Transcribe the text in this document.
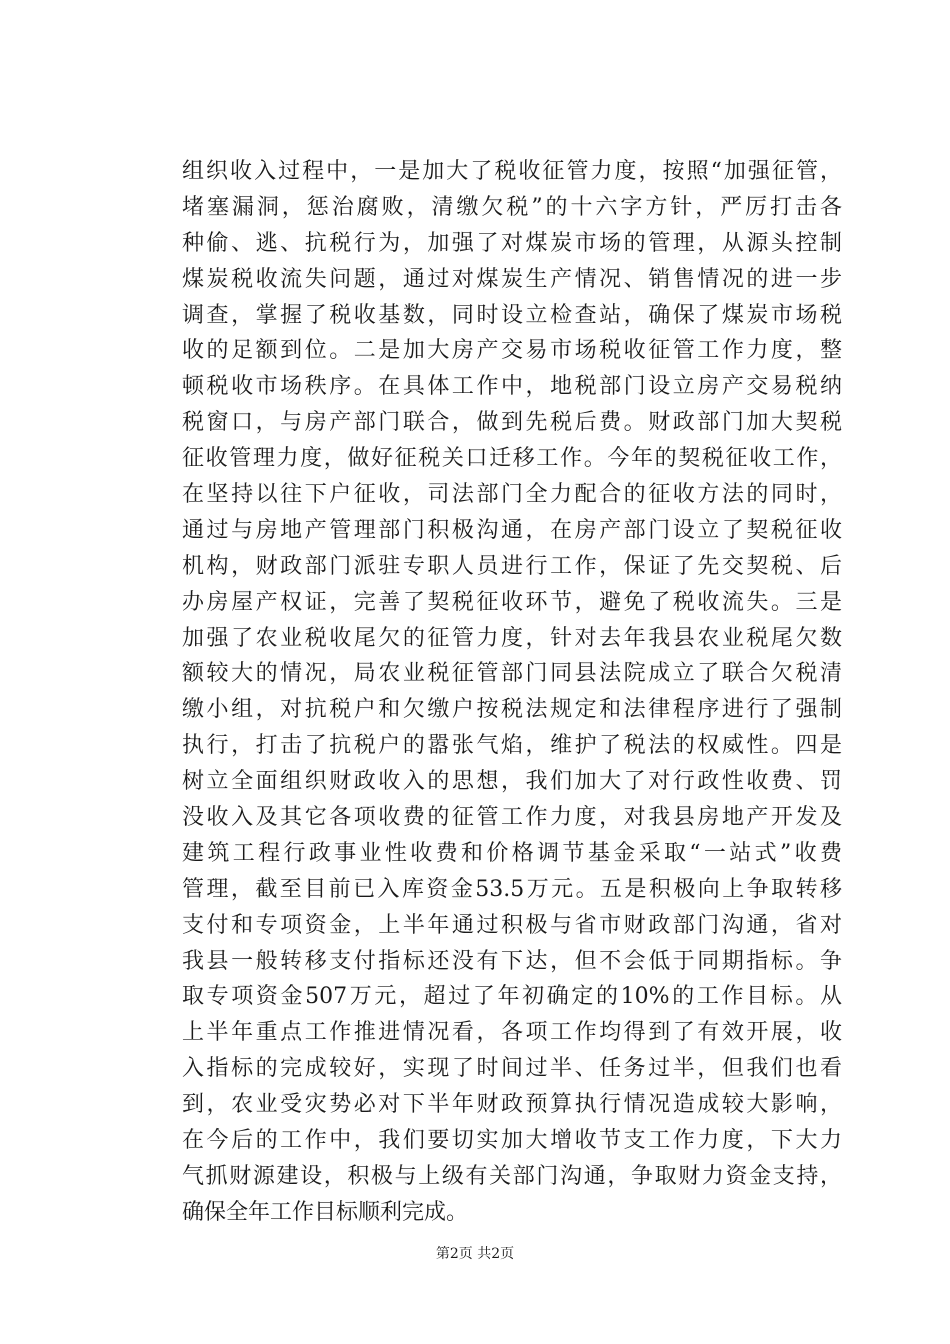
组织收入过程中，一是加大了税收征管力度，按照“加强征管，
堵塞漏洞，惩治腐败，清缴欠税”的十六字方针，严厉打击各
种偷、逃、抗税行为，加强了对煤炭市场的管理，从源头控制
煤炭税收流失问题，通过对煤炭生产情况、销售情况的进一步
调查，掌握了税收基数，同时设立检查站，确保了煤炭市场税
收的足额到位。二是加大房产交易市场税收征管工作力度，整
顿税收市场秩序。在具体工作中，地税部门设立房产交易税纳
税窗口，与房产部门联合，做到先税后费。财政部门加大契税
征收管理力度，做好征税关口迁移工作。今年的契税征收工作，
在坚持以往下户征收，司法部门全力配合的征收方法的同时，
通过与房地产管理部门积极沟通，在房产部门设立了契税征收
机构，财政部门派驻专职人员进行工作，保证了先交契税、后
办房屋产权证，完善了契税征收环节，避免了税收流失。三是
加强了农业税收尾欠的征管力度，针对去年我县农业税尾欠数
额较大的情况，局农业税征管部门同县法院成立了联合欠税清
缴小组，对抗税户和欠缴户按税法规定和法律程序进行了强制
执行，打击了抗税户的嚣张气焰，维护了税法的权威性。四是
树立全面组织财政收入的思想，我们加大了对行政性收费、罚
没收入及其它各项收费的征管工作力度，对我县房地产开发及
建筑工程行政事业性收费和价格调节基金采取“一站式”收费
管理，截至目前已入库资金53.5万元。五是积极向上争取转移
支付和专项资金，上半年通过积极与省市财政部门沟通，省对
我县一般转移支付指标还没有下达，但不会低于同期指标。争
取专项资金507万元，超过了年初确定的10%的工作目标。从
上半年重点工作推进情况看，各项工作均得到了有效开展，收
入指标的完成较好，实现了时间过半、任务过半，但我们也看
到，农业受灾势必对下半年财政预算执行情况造成较大影响，
在今后的工作中，我们要切实加大增收节支工作力度，下大力
气抓财源建设，积极与上级有关部门沟通，争取财力资金支持，
确保全年工作目标顺利完成。
第2页 共2页
